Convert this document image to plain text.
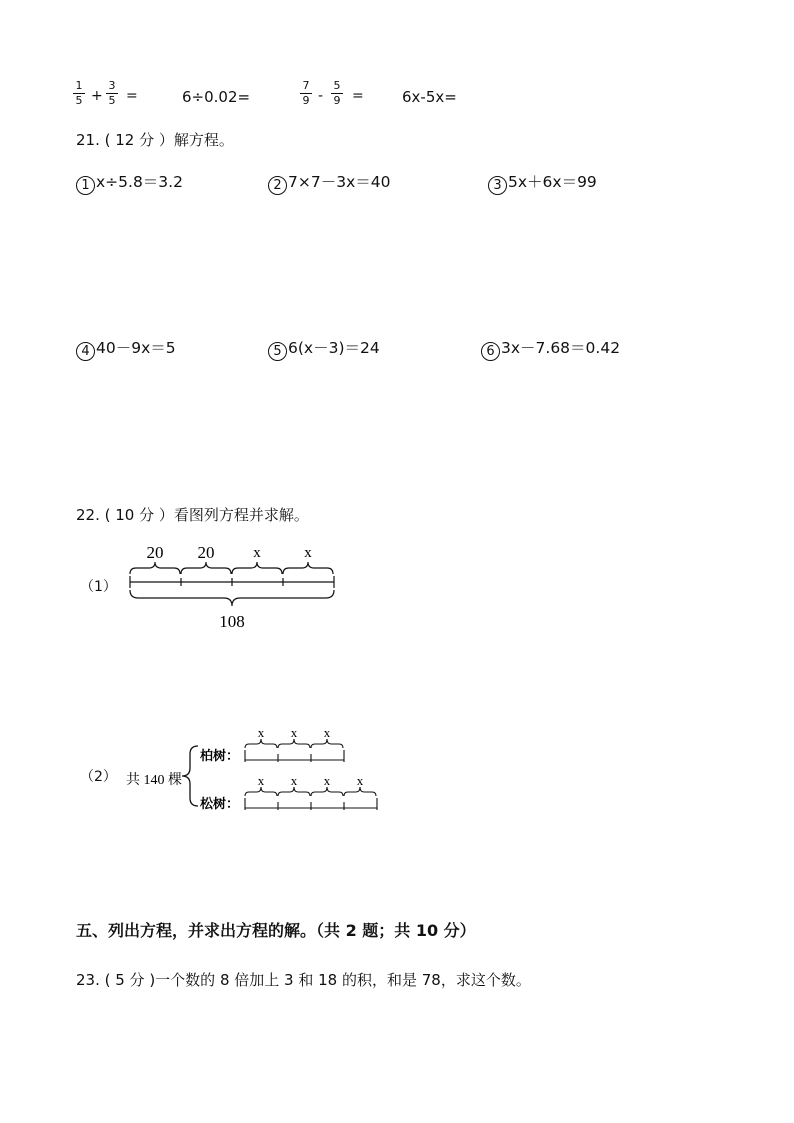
1
5 +
3
5 =	6÷0.02=
7
9 -
5
9 =	6x-5x=
21. ( 12 分 ）解方程。
1 x÷5.8＝3.2	2 7×7－3x＝40	3 5x＋6x＝99
4 40－9x＝5	5 6(x－3)＝24	6 3x－7.68＝0.42
22. ( 10 分 ）看图列方程并求解。
（1）
20 20	x	x
108
（2） 共 140 棵
柏树：
松树：
x x x
x x x x
五、列出方程，并求出方程的解。（共 2 题；共 10 分）
23. ( 5 分 )一个数的 8 倍加上 3 和 18 的积，和是 78，求这个数。
